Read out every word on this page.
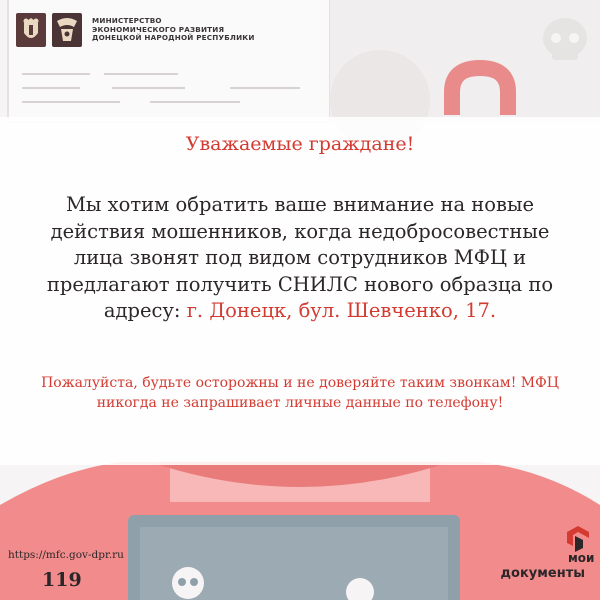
МИНИСТЕРСТВО
ЭКОНОМИЧЕСКОГО РАЗВИТИЯ
ДОНЕЦКОЙ НАРОДНОЙ РЕСПУБЛИКИ
Уважаемые граждане!
Мы хотим обратить ваше внимание на новые действия мошенников, когда недобросовестные лица звонят под видом сотрудников МФЦ и предлагают получить СНИЛС нового образца по адресу: г. Донецк, бул. Шевченко, 17.
Пожалуйста, будьте осторожны и не доверяйте таким звонкам! МФЦ никогда не запрашивает личные данные по телефону!
https://mfc.gov-dpr.ru
119
мои
документы
